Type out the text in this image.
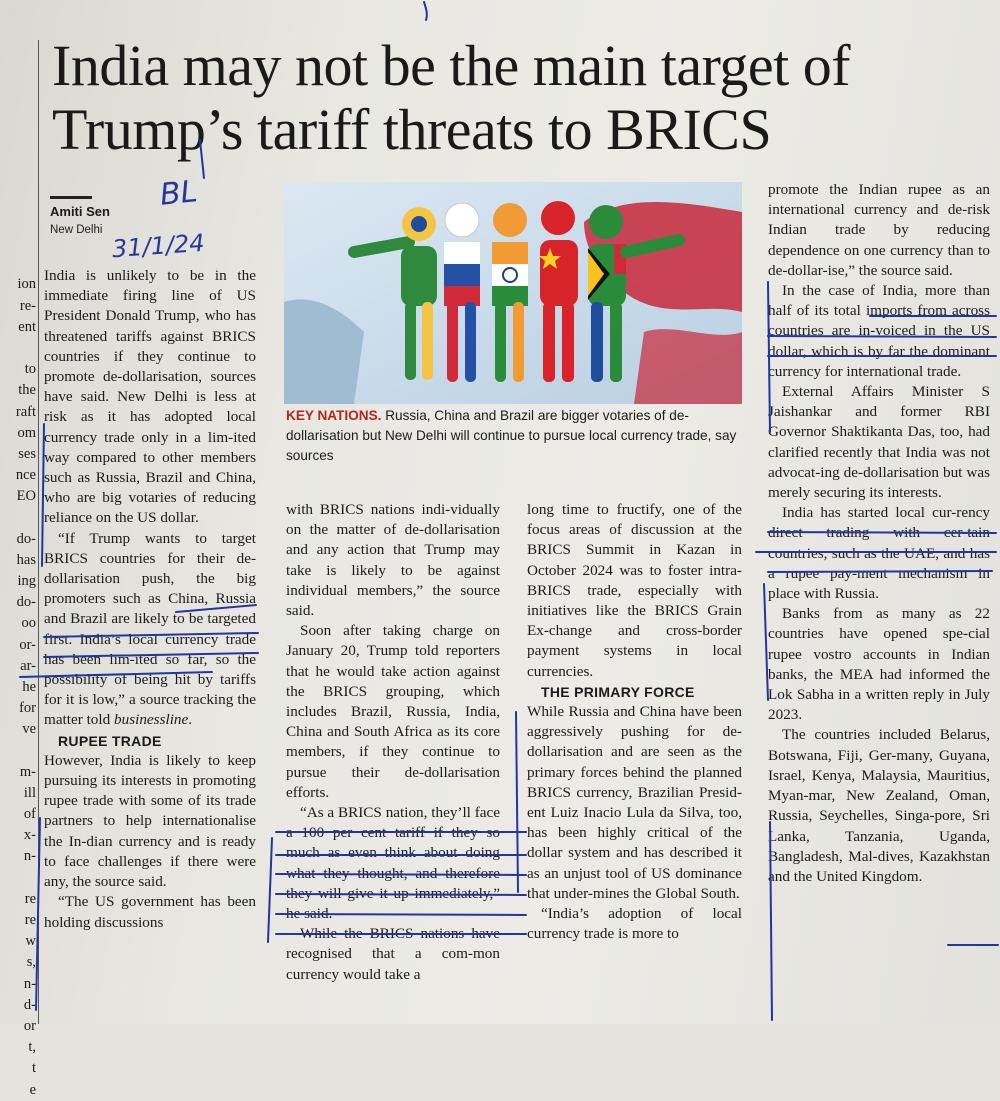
ion
re-
ent
to
the
raft
om
ses
nce
EO
do-
has
ing
do-
oo
or-
ar-
he
for
ve
m-
ill
of
x-
n-
re
re
w
s,
n-
d-
or
t,
t
e
India may not be the main target of
Trump’s tariff threats to BRICS
Amiti Sen
New Delhi
BL
31/1/24
KEY NATIONS. Russia, China and Brazil are bigger votaries of de-dollarisation but New Delhi will continue to pursue local currency trade, say sources

India is unlikely to be in the immediate firing line of US President Donald Trump, who has threatened tariffs against BRICS countries if they continue to promote de-dollarisation, sources have said. New Delhi is less at risk as it has adopted local currency trade only in a lim-ited way compared to other members such as Russia, Brazil and China, who are big votaries of reducing reliance on the US dollar.

“If Trump wants to target BRICS countries for their de-dollarisation push, the big promoters such as China, Russia and Brazil are likely to be targeted first. India’s local currency trade has been lim-ited so far, so the possibility of being hit by tariffs for it is low,” a source tracking the matter told businessline.

RUPEE TRADE

However, India is likely to keep pursuing its interests in promoting rupee trade with some of its trade partners to help internationalise the In-dian currency and is ready to face challenges if there were any, the source said.

“The US government has been holding discussions

with BRICS nations indi-vidually on the matter of de-dollarisation and any action that Trump may take is likely to be against individual members,” the source said.

Soon after taking charge on January 20, Trump told reporters that he would take action against the BRICS grouping, which includes Brazil, Russia, India, China and South Africa as its core members, if they continue to pursue their de-dollarisation efforts.

“As a BRICS nation, they’ll face a 100 per cent tariff if they so much as even think about doing what they thought, and therefore they will give it up immediately,” he said.

While the BRICS nations have recognised that a com-mon currency would take a

long time to fructify, one of the focus areas of discussion at the BRICS Summit in Kazan in October 2024 was to foster intra-BRICS trade, especially with initiatives like the BRICS Grain Ex-change and cross-border payment systems in local currencies.

THE PRIMARY FORCE

While Russia and China have been aggressively pushing for de-dollarisation and are seen as the primary forces behind the planned BRICS currency, Brazilian Presid-ent Luiz Inacio Lula da Silva, too, has been highly critical of the dollar system and has described it as an unjust tool of US dominance that under-mines the Global South.

“India’s adoption of local currency trade is more to

promote the Indian rupee as an international currency and de-risk Indian trade by reducing dependence on one currency than to de-dollar-ise,” the source said.

In the case of India, more than half of its total imports from across countries are in-voiced in the US dollar, which is by far the dominant currency for international trade.

External Affairs Minister S Jaishankar and former RBI Governor Shaktikanta Das, too, had clarified recently that India was not advocat-ing de-dollarisation but was merely securing its interests.

India has started local cur-rency direct trading with cer-tain countries, such as the UAE, and has a rupee pay-ment mechanism in place with Russia.

Banks from as many as 22 countries have opened spe-cial rupee vostro accounts in Indian banks, the MEA had informed the Lok Sabha in a written reply in July 2023.

The countries included Belarus, Botswana, Fiji, Ger-many, Guyana, Israel, Kenya, Malaysia, Mauritius, Myan-mar, New Zealand, Oman, Russia, Seychelles, Singa-pore, Sri Lanka, Tanzania, Uganda, Bangladesh, Mal-dives, Kazakhstan and the United Kingdom.
